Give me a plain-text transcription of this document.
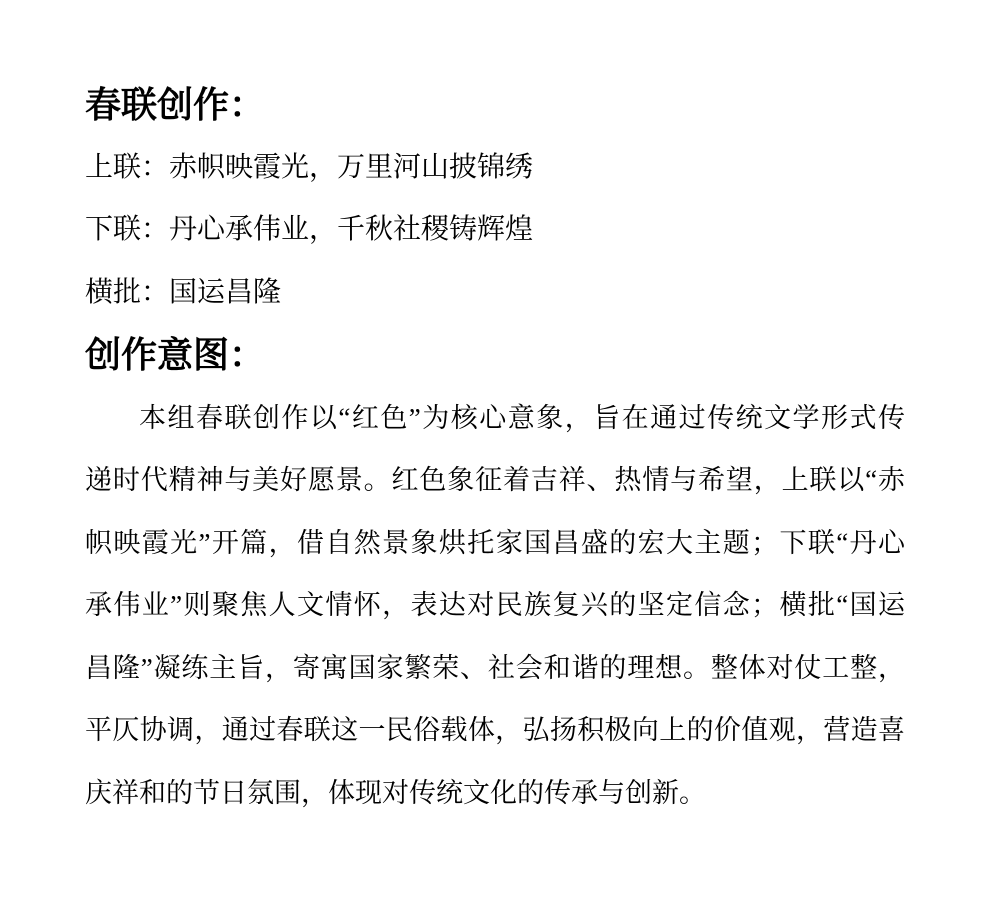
春联创作：
上联：赤帜映霞光，万里河山披锦绣
下联：丹心承伟业，千秋社稷铸辉煌
横批：国运昌隆
创作意图：
本组春联创作以“红色”为核心意象，旨在通过传统文学形式传
递时代精神与美好愿景。红色象征着吉祥、热情与希望，上联以“赤
帜映霞光”开篇，借自然景象烘托家国昌盛的宏大主题；下联“丹心
承伟业”则聚焦人文情怀，表达对民族复兴的坚定信念；横批“国运
昌隆”凝练主旨，寄寓国家繁荣、社会和谐的理想。整体对仗工整，
平仄协调，通过春联这一民俗载体，弘扬积极向上的价值观，营造喜
庆祥和的节日氛围，体现对传统文化的传承与创新。
